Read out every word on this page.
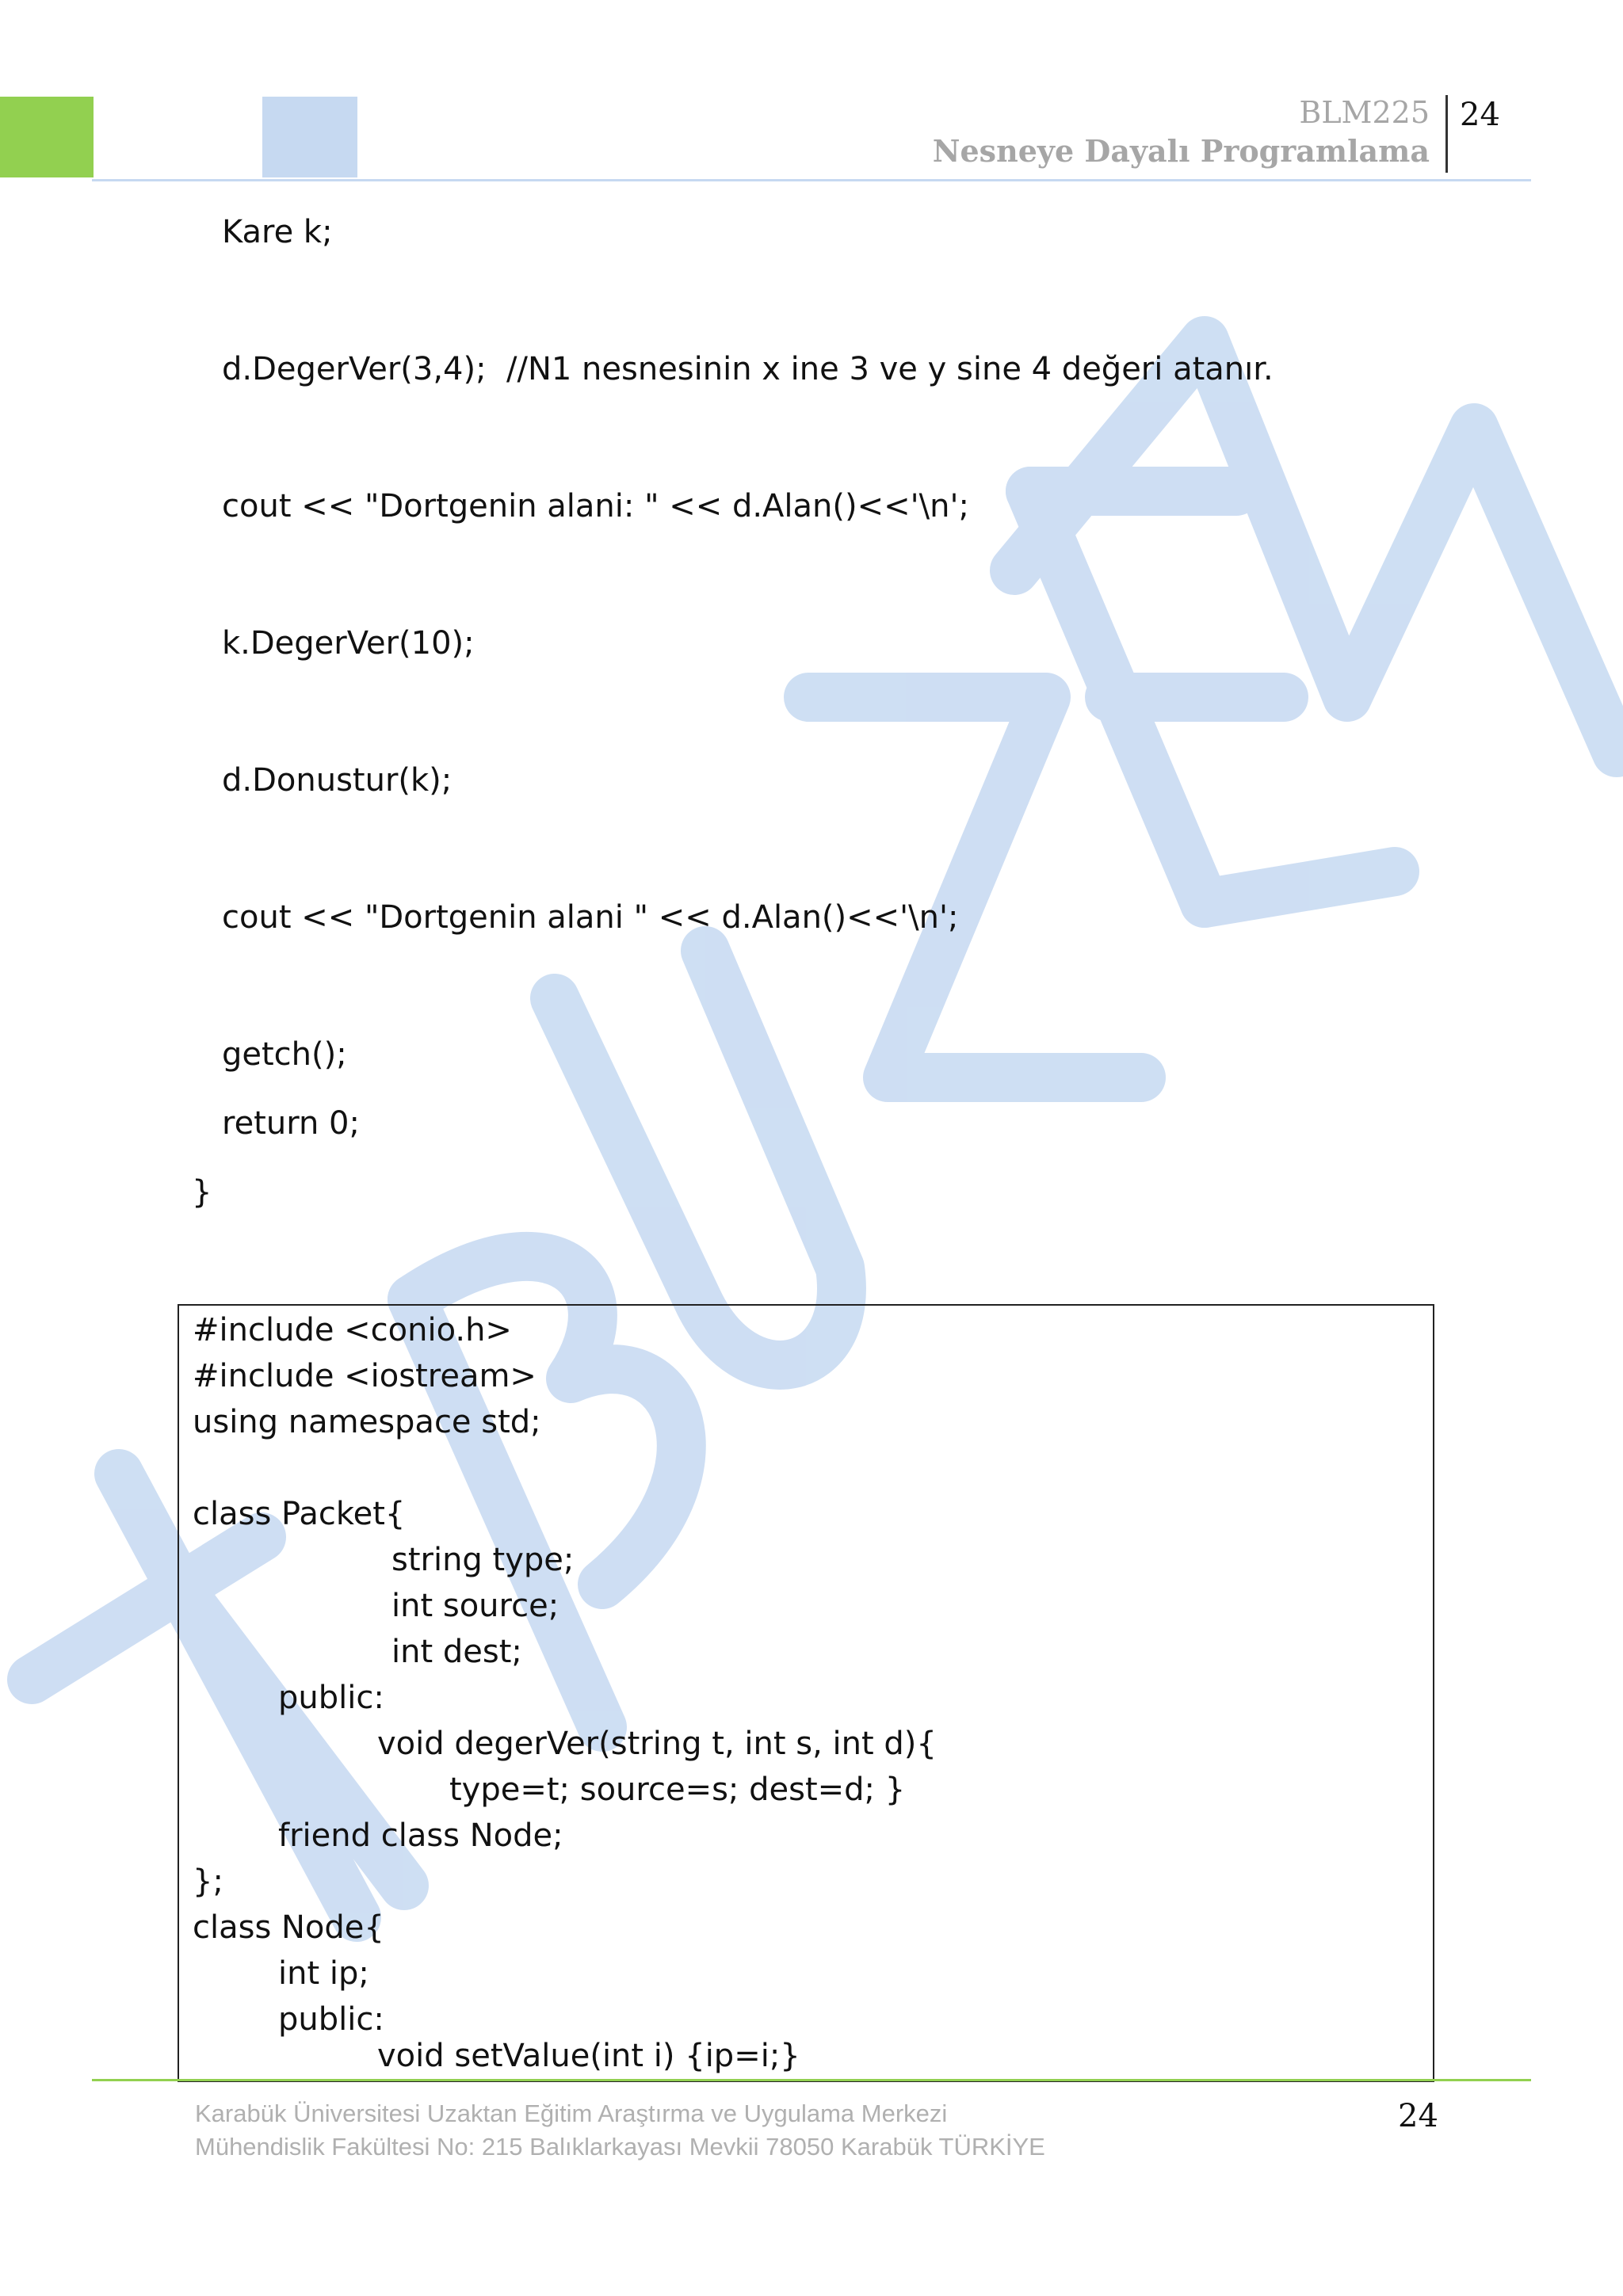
BLM225
Nesneye Dayalı Programlama
24
Kare k;
d.DegerVer(3,4);  //N1 nesnesinin x ine 3 ve y sine 4 değeri atanır.
cout << "Dortgenin alani: " << d.Alan()<<'\n';
k.DegerVer(10);
d.Donustur(k);
cout << "Dortgenin alani " << d.Alan()<<'\n';
getch();
return 0;
}
#include <conio.h>
#include <iostream>
using namespace std;
class Packet{
string type;
int source;
int dest;
public:
void degerVer(string t, int s, int d){
type=t; source=s; dest=d; }
friend class Node;
};
class Node{
int ip;
public:
void setValue(int i) {ip=i;}
Karabük Üniversitesi Uzaktan Eğitim Araştırma ve Uygulama Merkezi
Mühendislik Fakültesi No: 215 Balıklarkayası Mevkii 78050 Karabük TÜRKİYE
24
